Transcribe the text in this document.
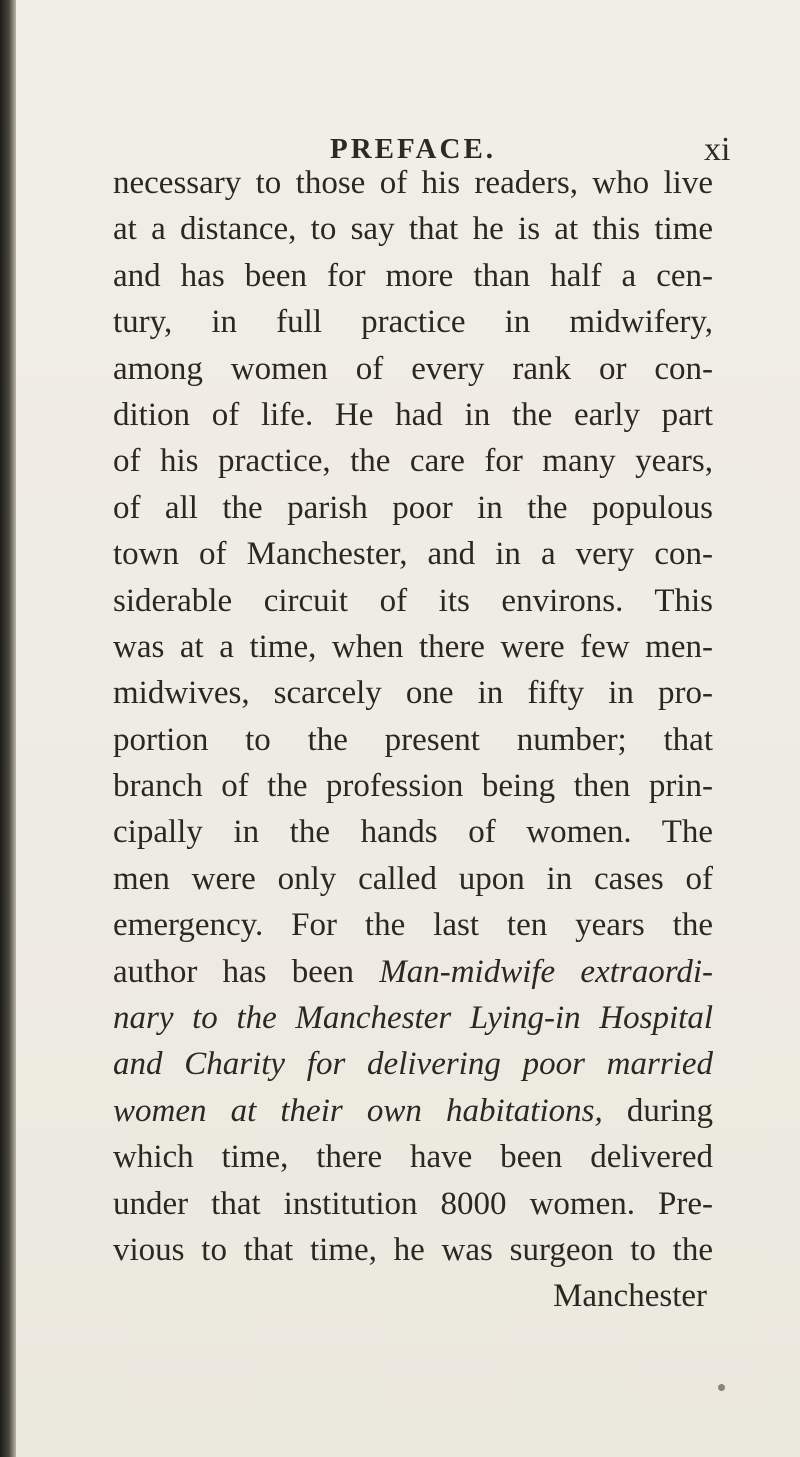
PREFACE.	xi
necessary to those of his readers, who live
at a distance, to say that he is at this time
and has been for more than half a cen-
tury, in full practice in midwifery,
among women of every rank or con-
dition of life. He had in the early part
of his practice, the care for many years,
of all the parish poor in the populous
town of Manchester, and in a very con-
siderable circuit of its environs. This
was at a time, when there were few men-
midwives, scarcely one in fifty in pro-
portion to the present number; that
branch of the profession being then prin-
cipally in the hands of women. The
men were only called upon in cases of
emergency. For the last ten years the
author has been Man-midwife extraordi-
nary to the Manchester Lying-in Hospital
and Charity for delivering poor married
women at their own habitations, during
which time, there have been delivered
under that institution 8000 women. Pre-
vious to that time, he was surgeon to the
Manchester
